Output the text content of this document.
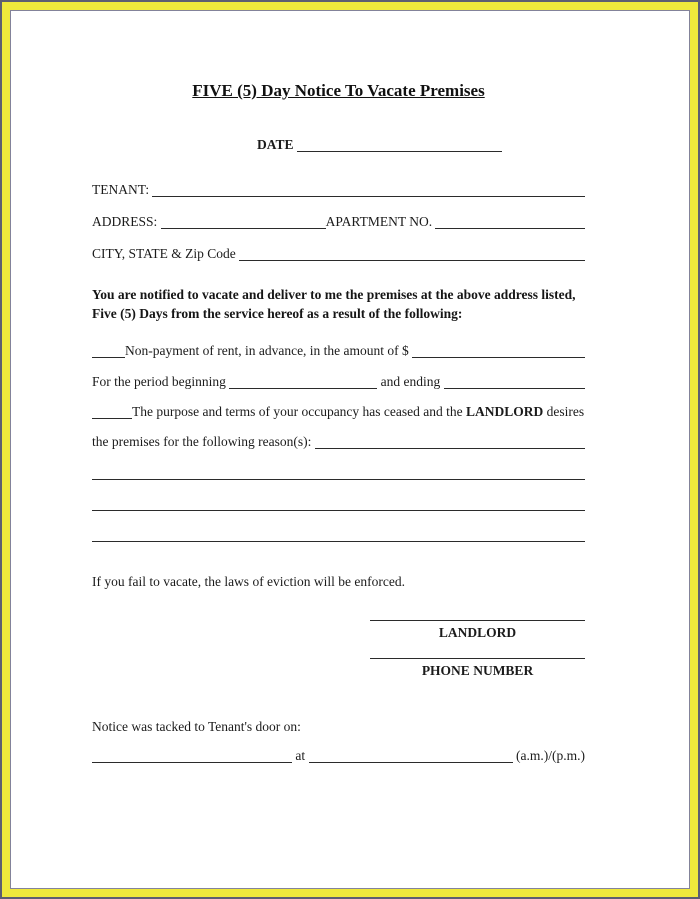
FIVE (5) Day Notice To Vacate Premises
DATE

TENANT:

ADDRESS:
	APARTMENT NO.

CITY, STATE & Zip Code

You are notified to vacate and deliver to me the premises at the above address listed, Five (5) Days from the service hereof as a result of the following:
Non-payment of rent, in advance, in the amount of $

For the period beginning

	and ending

The purpose and terms of your occupancy has ceased and the
LANDLORD
desires
the premises for the following reason(s):

If you fail to vacate, the laws of eviction will be enforced.
LANDLORD
PHONE NUMBER
Notice was tacked to Tenant's door on:

at

	(a.m.)/(p.m.)
